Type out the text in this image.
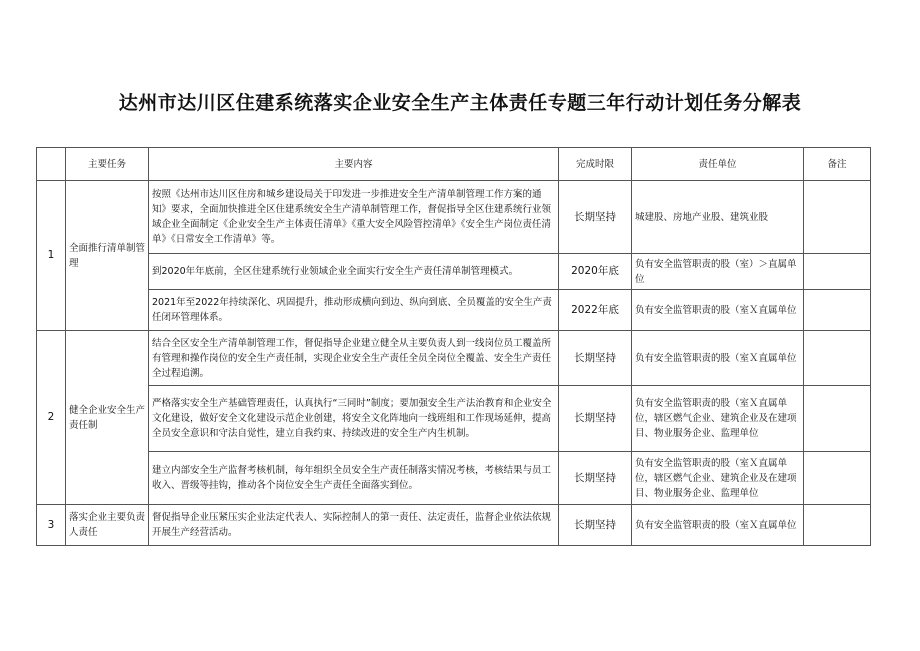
达州市达川区住建系统落实企业安全生产主体责任专题三年行动计划任务分解表
	主要任务	主要内容	完成时限	责任单位	备注
1	全面推行清单制管理	按照《达州市达川区住房和城乡建设局关于印发进一步推进安全生产清单制管理工作方案的通知》要求，全面加快推进全区住建系统安全生产清单制管理工作，督促指导全区住建系统行业领域企业全面制定《企业安全生产主体责任清单》《重大安全风险管控清单》《安全生产岗位责任清单》《日常安全工作清单》等。	长期坚持	城建股、房地产业股、建筑业股	
		到2020年年底前，全区住建系统行业领域企业全面实行安全生产责任清单制管理模式。	2020年底	负有安全监管职责的股（室）＞直属单位	
		2021年至2022年持续深化、巩固提升，推动形成横向到边、纵向到底、全员覆盖的安全生产责任闭环管理体系。	2022年底	负有安全监管职责的股（室Ｘ直属单位	
2	健全企业安全生产责任制	结合全区安全生产清单制管理工作，督促指导企业建立健全从主要负责人到一线岗位员工覆盖所有管理和操作岗位的安全生产责任制，实现企业安全生产责任全员全岗位全覆盖、安全生产责任全过程追溯。	长期坚持	负有安全监管职责的股（室Ｘ直属单位	
		严格落实安全生产基础管理责任，认真执行“三同时”制度；要加强安全生产法治教育和企业安全文化建设，做好安全文化建设示范企业创建，将安全文化阵地向一线班组和工作现场延伸，提高全员安全意识和守法自觉性，建立自我约束、持续改进的安全生产内生机制。	长期坚持	负有安全监管职责的股（室Ｘ直属单位，辖区燃气企业、建筑企业及在建项目、物业服务企业、监理单位	
		建立内部安全生产监督考核机制，每年组织全员安全生产责任制落实情况考核，考核结果与员工收入、晋级等挂钩，推动各个岗位安全生产责任全面落实到位。	长期坚持	负有安全监管职责的股（室Ｘ直属单位，辖区燃气企业、建筑企业及在建项目、物业服务企业、监理单位	
3	落实企业主要负责人责任	督促指导企业压紧压实企业法定代表人、实际控制人的第一责任、法定责任，监督企业依法依规开展生产经营活动。	长期坚持	负有安全监管职责的股（室Ｘ直属单位	
